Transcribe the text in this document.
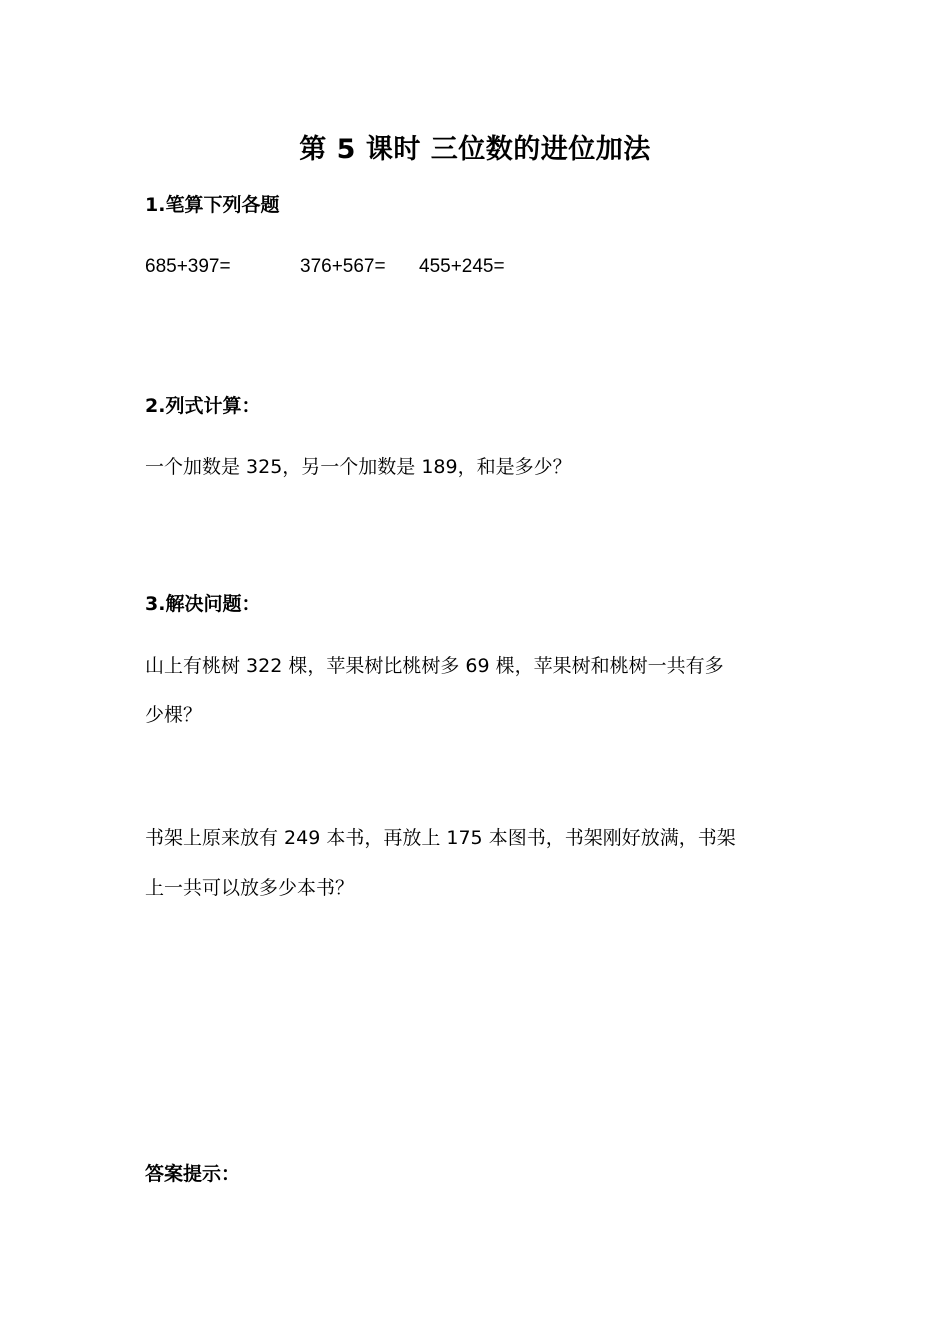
第 5 课时 三位数的进位加法
1.笔算下列各题
685+397=	376+567= 455+245=
2.列式计算：
一个加数是 325，另一个加数是 189，和是多少？
3.解决问题：
山上有桃树 322 棵，苹果树比桃树多 69 棵，苹果树和桃树一共有多
少棵？
书架上原来放有 249 本书，再放上 175 本图书，书架刚好放满，书架
上一共可以放多少本书？
答案提示：
